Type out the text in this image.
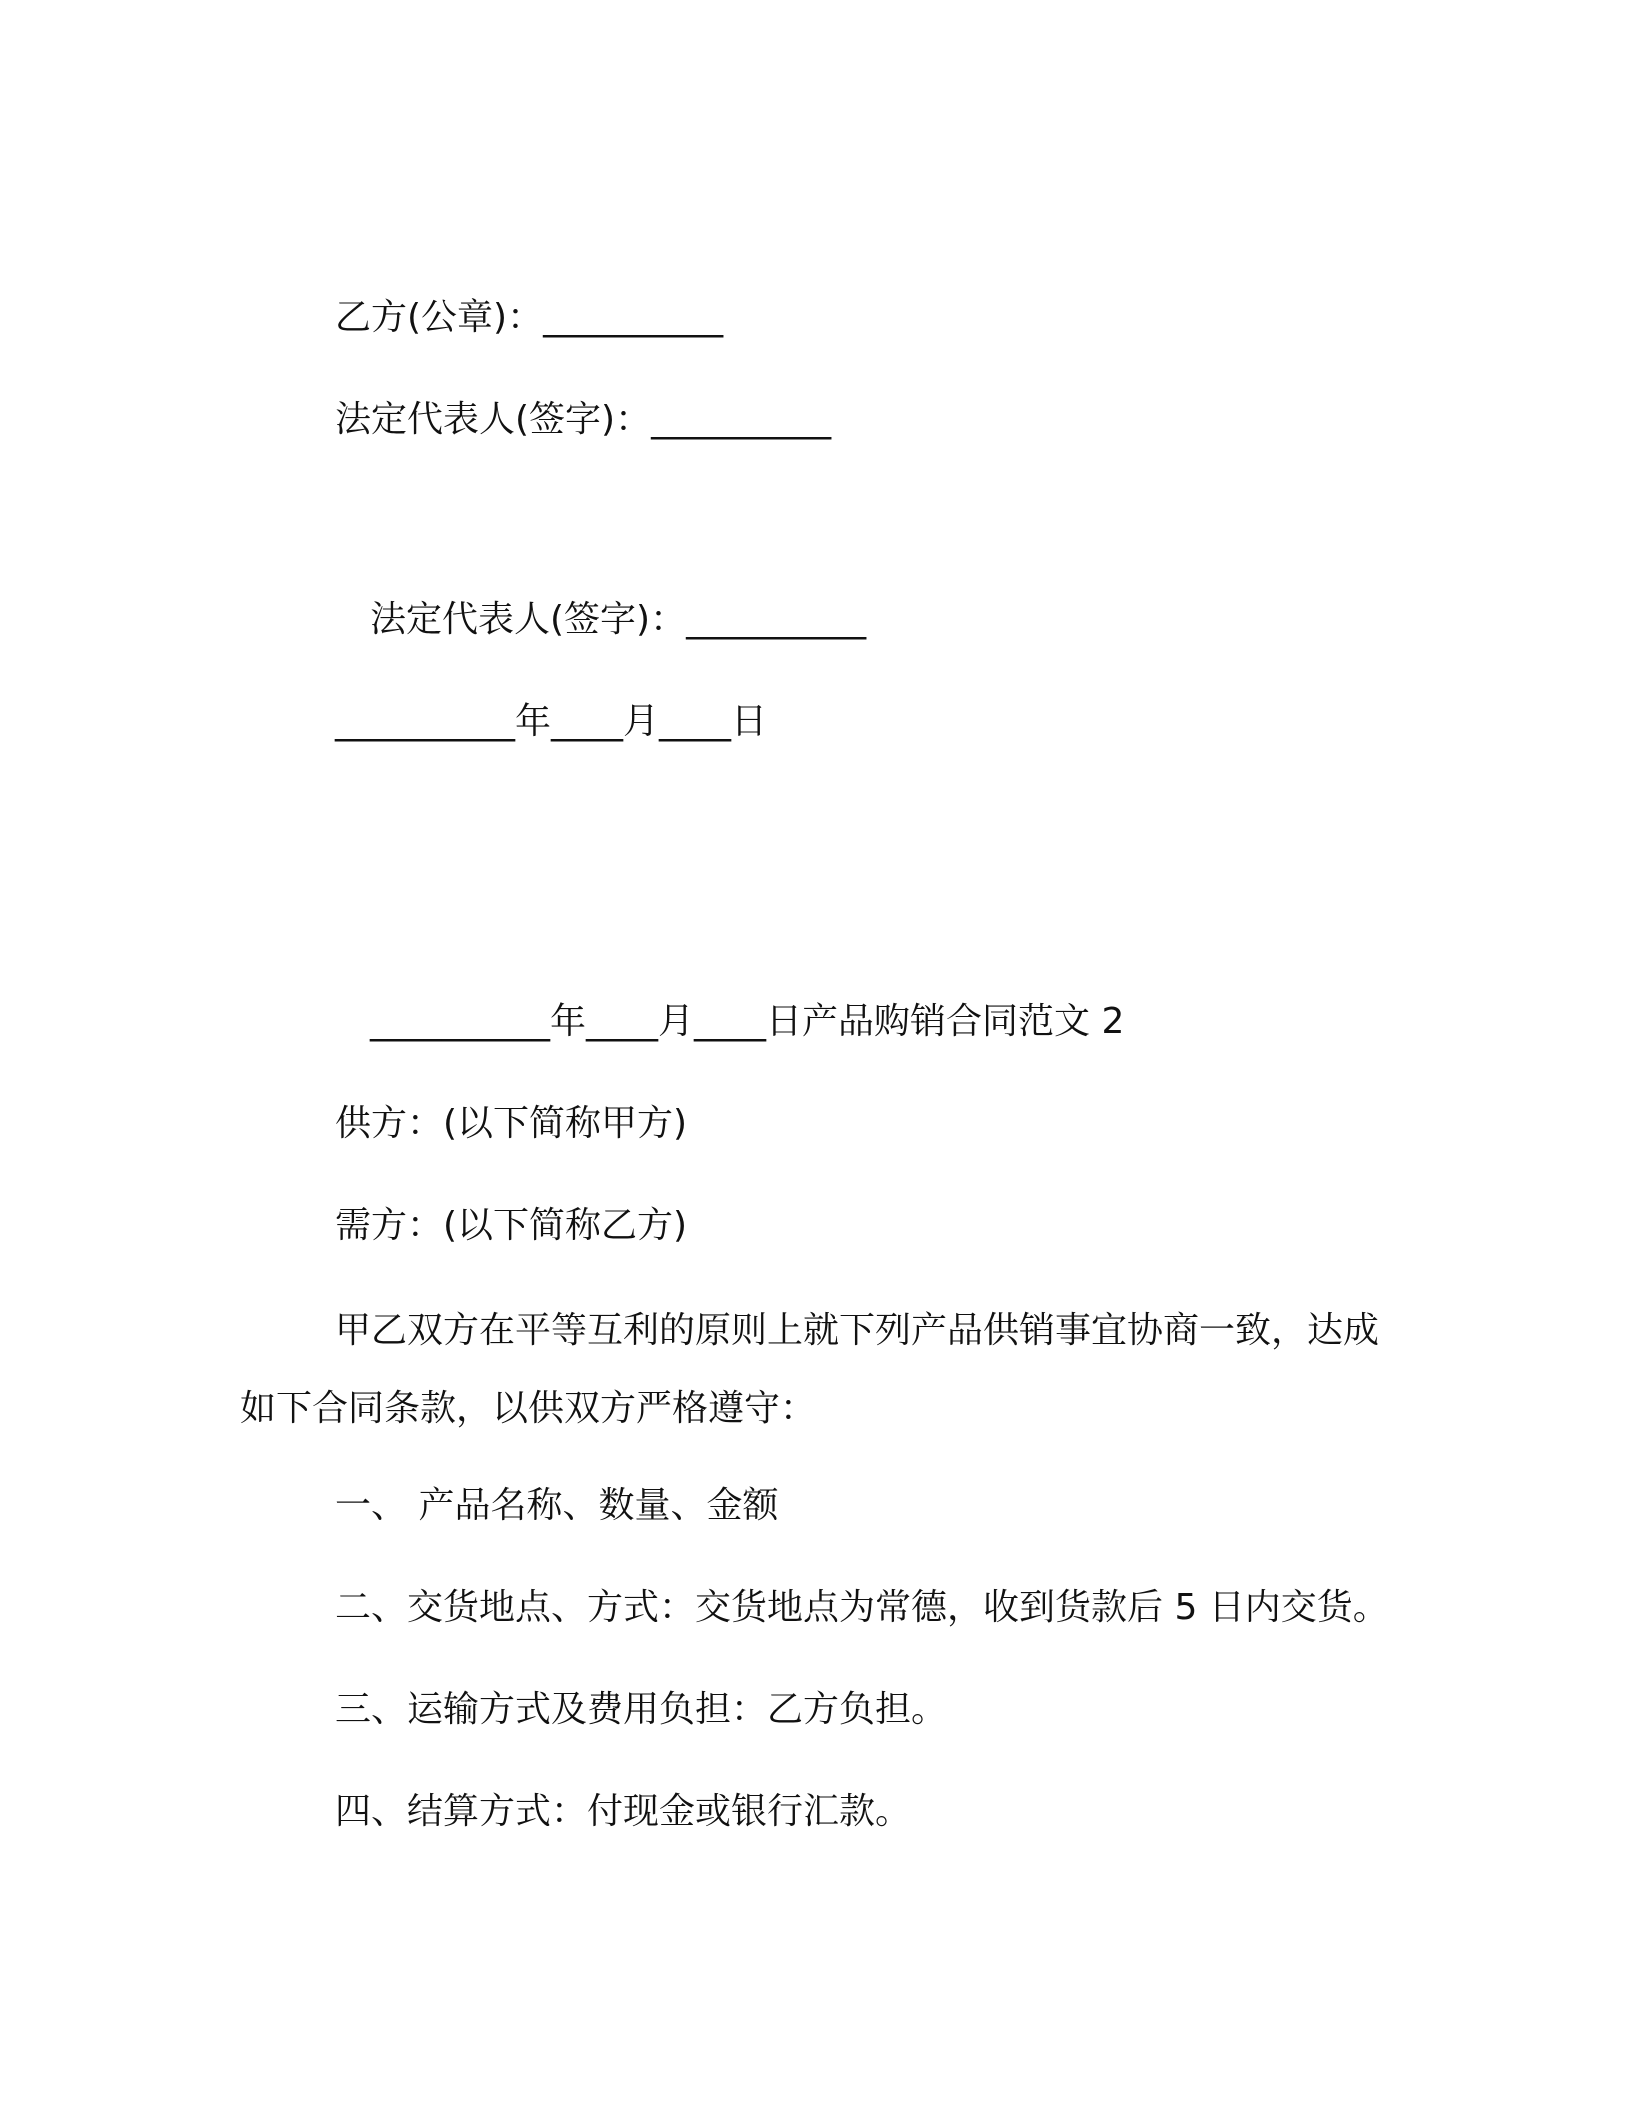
乙方(公章)：__________
法定代表人(签字)：__________
法定代表人(签字)：__________
__________年____月____日
__________年____月____日产品购销合同范文 2
供方：(以下简称甲方)
需方：(以下简称乙方)
甲乙双方在平等互利的原则上就下列产品供销事宜协商一致，达成如下合同条款，以供双方严格遵守：
一、 产品名称、数量、金额
二、交货地点、方式：交货地点为常德，收到货款后 5 日内交货。
三、运输方式及费用负担：乙方负担。
四、结算方式：付现金或银行汇款。
